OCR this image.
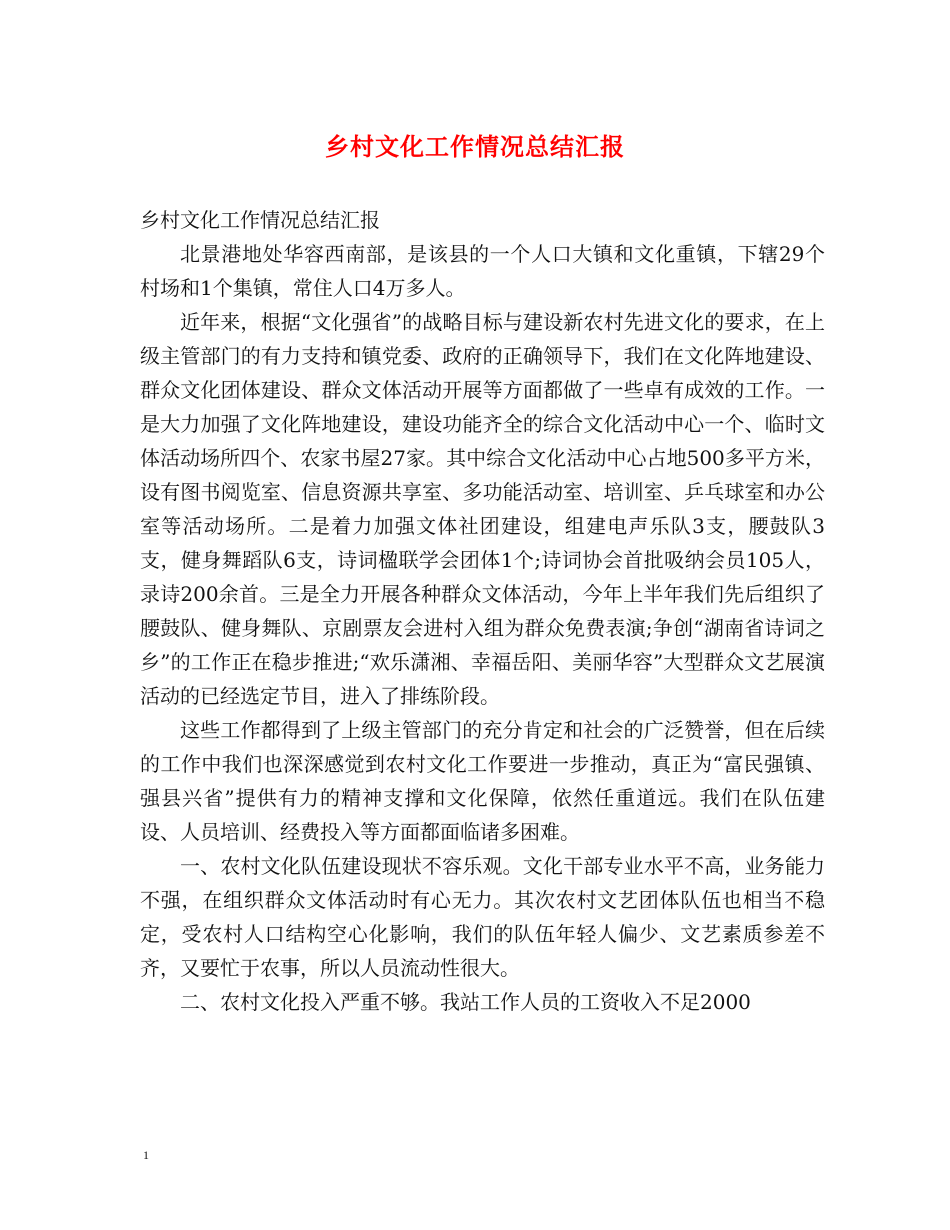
乡村文化工作情况总结汇报

乡村文化工作情况总结汇报

北景港地处华容西南部，是该县的一个人口大镇和文化重镇，下辖29个村场和1个集镇，常住人口4万多人。

近年来，根据“文化强省”的战略目标与建设新农村先进文化的要求，在上级主管部门的有力支持和镇党委、政府的正确领导下，我们在文化阵地建设、群众文化团体建设、群众文体活动开展等方面都做了一些卓有成效的工作。一是大力加强了文化阵地建设，建设功能齐全的综合文化活动中心一个、临时文体活动场所四个、农家书屋27家。其中综合文化活动中心占地500多平方米，设有图书阅览室、信息资源共享室、多功能活动室、培训室、乒乓球室和办公室等活动场所。二是着力加强文体社团建设，组建电声乐队3支，腰鼓队3支，健身舞蹈队6支，诗词楹联学会团体1个;诗词协会首批吸纳会员105人，录诗200余首。三是全力开展各种群众文体活动，今年上半年我们先后组织了腰鼓队、健身舞队、京剧票友会进村入组为群众免费表演;争创“湖南省诗词之乡”的工作正在稳步推进;“欢乐潇湘、幸福岳阳、美丽华容”大型群众文艺展演活动的已经选定节目，进入了排练阶段。

这些工作都得到了上级主管部门的充分肯定和社会的广泛赞誉，但在后续的工作中我们也深深感觉到农村文化工作要进一步推动，真正为“富民强镇、强县兴省”提供有力的精神支撑和文化保障，依然任重道远。我们在队伍建设、人员培训、经费投入等方面都面临诸多困难。

一、农村文化队伍建设现状不容乐观。文化干部专业水平不高，业务能力不强，在组织群众文体活动时有心无力。其次农村文艺团体队伍也相当不稳定，受农村人口结构空心化影响，我们的队伍年轻人偏少、文艺素质参差不齐，又要忙于农事，所以人员流动性很大。

二、农村文化投入严重不够。我站工作人员的工资收入不足2000

1
